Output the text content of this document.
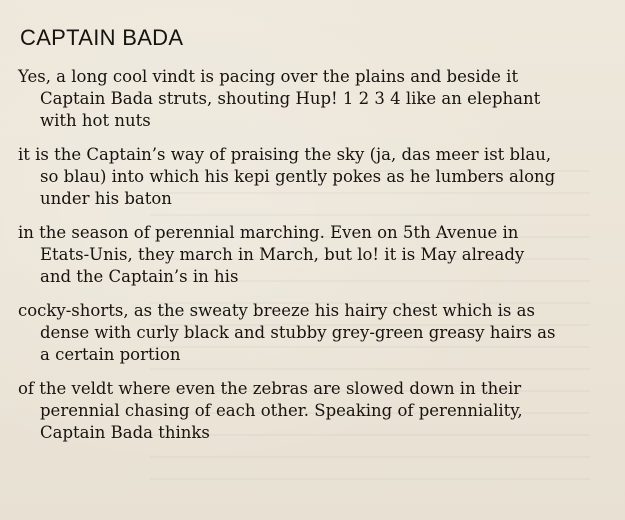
CAPTAIN BADA
Yes, a long cool vindt is pacing over the plains and beside it
Captain Bada struts, shouting Hup! 1 2 3 4 like an elephant
with hot nuts
it is the Captain’s way of praising the sky (ja, das meer ist blau,
so blau) into which his kepi gently pokes as he lumbers along
under his baton
in the season of perennial marching. Even on 5th Avenue in
Etats-Unis, they march in March, but lo! it is May already
and the Captain’s in his
cocky-shorts, as the sweaty breeze his hairy chest which is as
dense with curly black and stubby grey-green greasy hairs as
a certain portion
of the veldt where even the zebras are slowed down in their
perennial chasing of each other. Speaking of perenniality,
Captain Bada thinks
